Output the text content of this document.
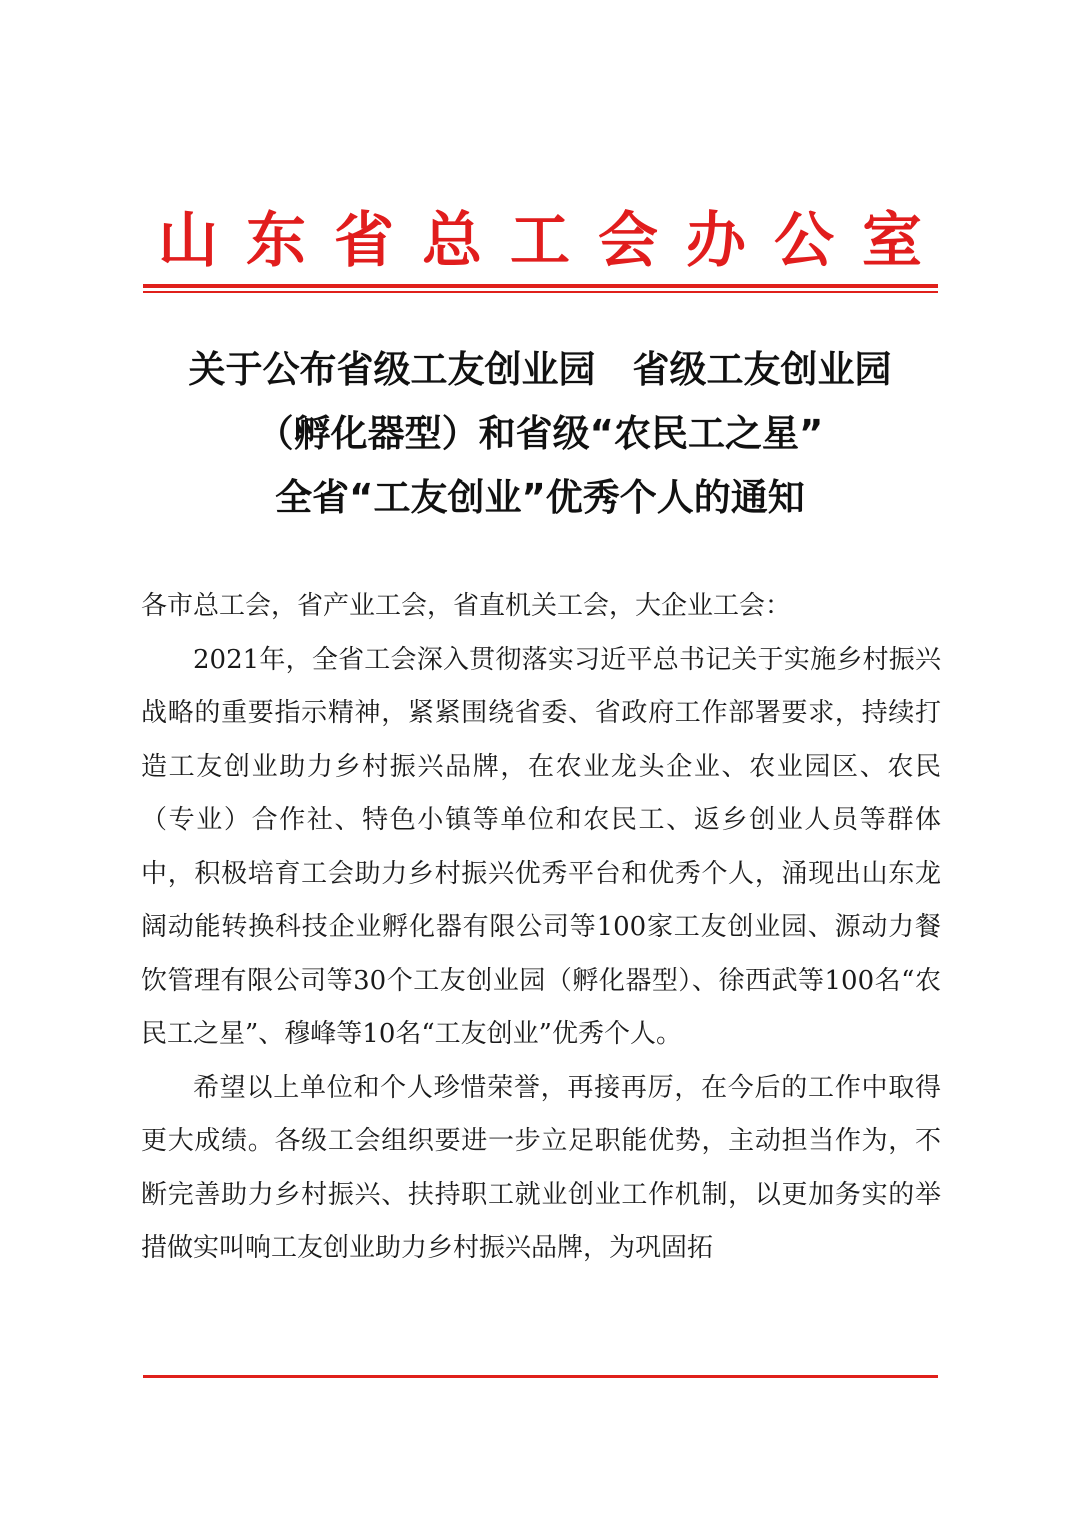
山东省总工会办公室
关于公布省级工友创业园　省级工友创业园
（孵化器型）和省级“农民工之星”
全省“工友创业”优秀个人的通知
各市总工会，省产业工会，省直机关工会，大企业工会：
2021年，全省工会深入贯彻落实习近平总书记关于实施乡村振兴战略的重要指示精神，紧紧围绕省委、省政府工作部署要求，持续打造工友创业助力乡村振兴品牌，在农业龙头企业、农业园区、农民（专业）合作社、特色小镇等单位和农民工、返乡创业人员等群体中，积极培育工会助力乡村振兴优秀平台和优秀个人，涌现出山东龙阔动能转换科技企业孵化器有限公司等100家工友创业园、源动力餐饮管理有限公司等30个工友创业园（孵化器型）、徐西武等100名“农民工之星”、穆峰等10名“工友创业”优秀个人。
希望以上单位和个人珍惜荣誉，再接再厉，在今后的工作中取得更大成绩。各级工会组织要进一步立足职能优势，主动担当作为，不断完善助力乡村振兴、扶持职工就业创业工作机制，以更加务实的举措做实叫响工友创业助力乡村振兴品牌，为巩固拓
